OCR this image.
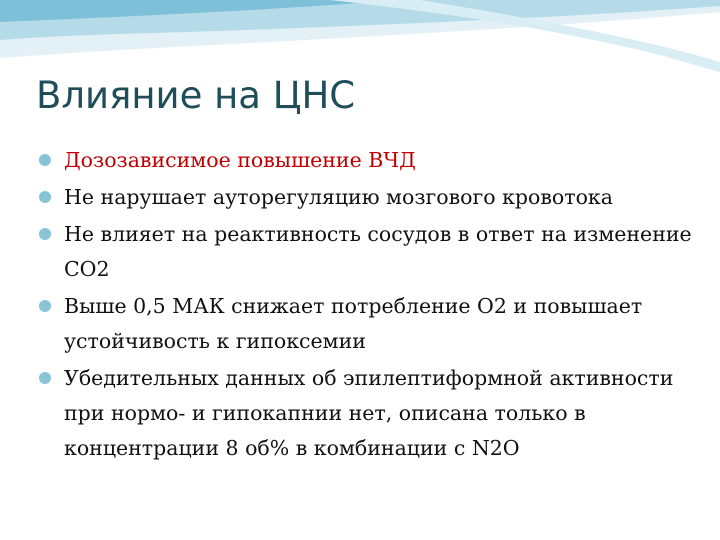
Влияние на ЦНС
Дозозависимое повышение ВЧД
Не нарушает ауторегуляцию мозгового кровотока
Не влияет на реактивность сосудов в ответ на изменение СО2
Выше 0,5 МАК снижает потребление О2 и повышает устойчивость к гипоксемии
Убедительных данных об эпилептиформной активности при нормо- и гипокапнии нет, описана только в концентрации 8 об% в комбинации с N2O
